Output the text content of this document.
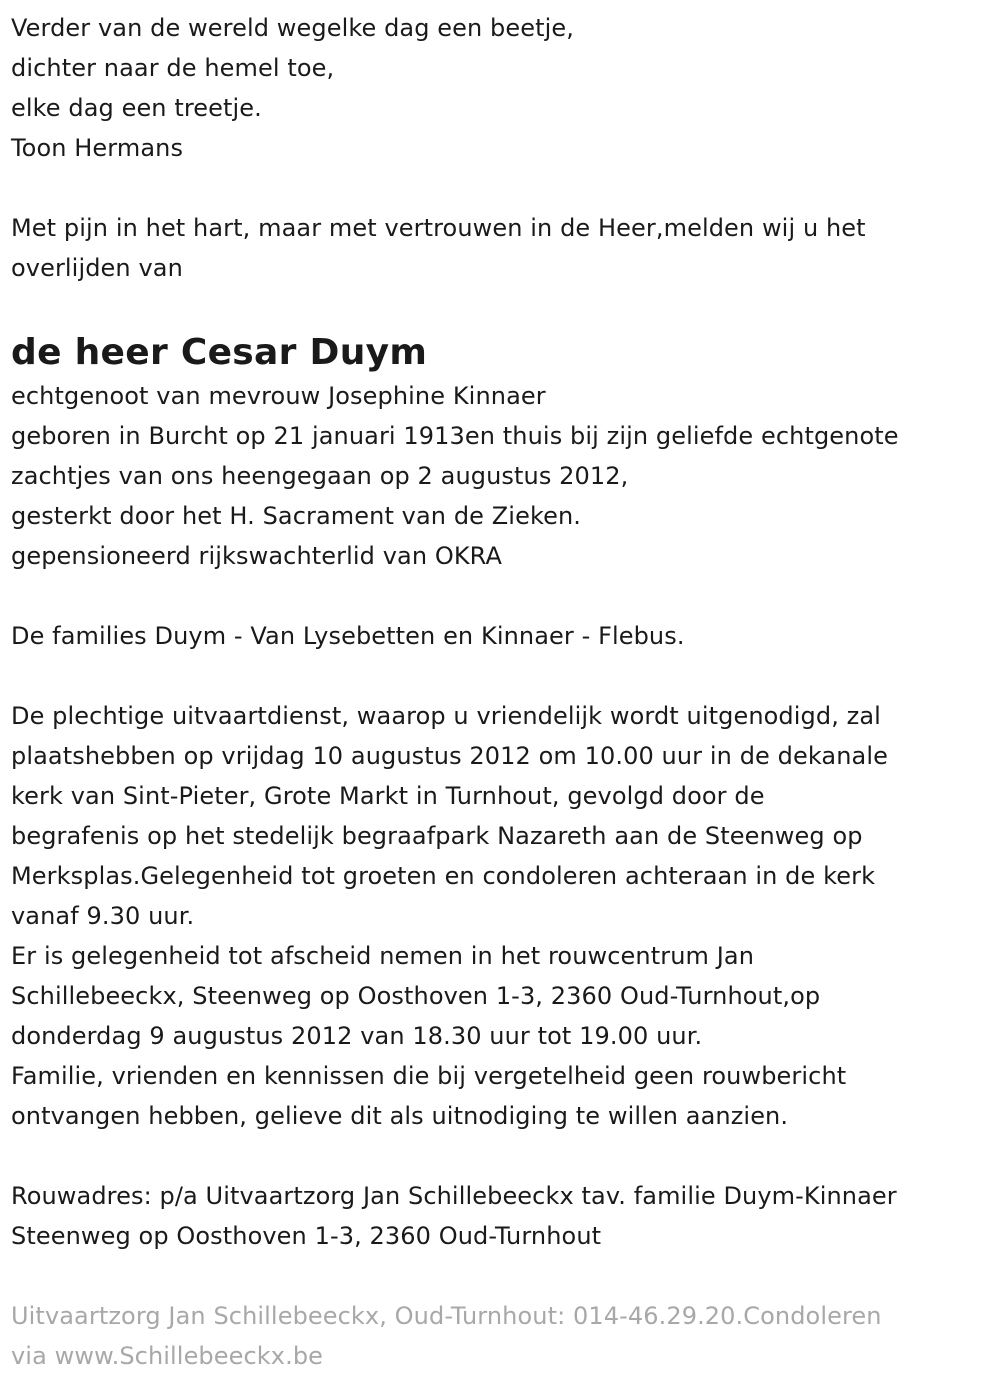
Verder van de wereld wegelke dag een beetje,
dichter naar de hemel toe,
elke dag een treetje.
Toon Hermans
Met pijn in het hart, maar met vertrouwen in de Heer,melden wij u het
overlijden van
de heer Cesar Duym
echtgenoot van mevrouw Josephine Kinnaer
geboren in Burcht op 21 januari 1913en thuis bij zijn geliefde echtgenote
zachtjes van ons heengegaan op 2 augustus 2012,
gesterkt door het H. Sacrament van de Zieken.
gepensioneerd rijkswachterlid van OKRA
De families Duym - Van Lysebetten en Kinnaer - Flebus.
De plechtige uitvaartdienst, waarop u vriendelijk wordt uitgenodigd, zal
plaatshebben op vrijdag 10 augustus 2012 om 10.00 uur in de dekanale
kerk van Sint-Pieter, Grote Markt in Turnhout, gevolgd door de
begrafenis op het stedelijk begraafpark Nazareth aan de Steenweg op
Merksplas.Gelegenheid tot groeten en condoleren achteraan in de kerk
vanaf 9.30 uur.
Er is gelegenheid tot afscheid nemen in het rouwcentrum Jan
Schillebeeckx, Steenweg op Oosthoven 1-3, 2360 Oud-Turnhout,op
donderdag 9 augustus 2012 van 18.30 uur tot 19.00 uur.
Familie, vrienden en kennissen die bij vergetelheid geen rouwbericht
ontvangen hebben, gelieve dit als uitnodiging te willen aanzien.
Rouwadres: p/a Uitvaartzorg Jan Schillebeeckx tav. familie Duym-Kinnaer
Steenweg op Oosthoven 1-3, 2360 Oud-Turnhout
Uitvaartzorg Jan Schillebeeckx, Oud-Turnhout: 014-46.29.20.Condoleren
via www.Schillebeeckx.be
